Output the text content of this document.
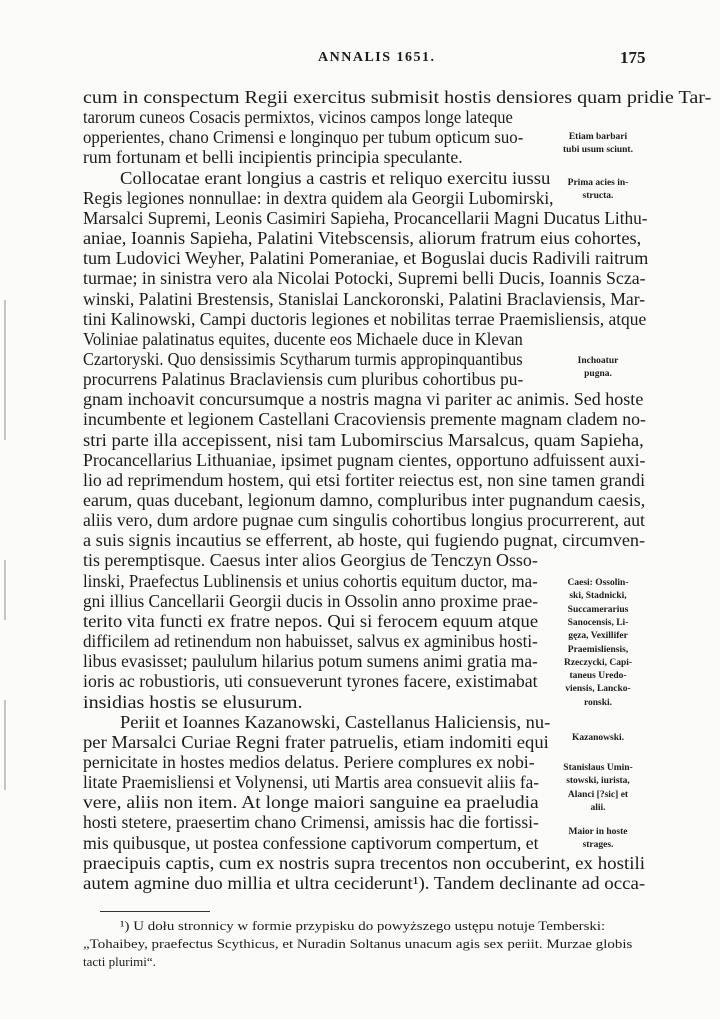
ANNALIS 1651.	175
cum in conspectum Regii exercitus submisit hostis densiores quam pridie Tar-
tarorum cuneos Cosacis permixtos, vicinos campos longe lateque
opperientes, chano Crimensi e longinquo per tubum opticum suo-
rum fortunam et belli incipientis principia speculante.
Collocatae erant longius a castris et reliquo exercitu iussu
Regis legiones nonnullae: in dextra quidem ala Georgii Lubomirski,
Marsalci Supremi, Leonis Casimiri Sapieha, Procancellarii Magni Ducatus Lithu-
aniae, Ioannis Sapieha, Palatini Vitebscensis, aliorum fratrum eius cohortes,
tum Ludovici Weyher, Palatini Pomeraniae, et Boguslai ducis Radivili raitrum
turmae; in sinistra vero ala Nicolai Potocki, Supremi belli Ducis, Ioannis Scza-
winski, Palatini Brestensis, Stanislai Lanckoronski, Palatini Braclaviensis, Mar-
tini Kalinowski, Campi ductoris legiones et nobilitas terrae Praemisliensis, atque
Voliniae palatinatus equites, ducente eos Michaele duce in Klevan
Czartoryski. Quo densissimis Scytharum turmis appropinquantibus
procurrens Palatinus Braclaviensis cum pluribus cohortibus pu-
gnam inchoavit concursumque a nostris magna vi pariter ac animis. Sed hoste
incumbente et legionem Castellani Cracoviensis premente magnam cladem no-
stri parte illa accepissent, nisi tam Lubomirscius Marsalcus, quam Sapieha,
Procancellarius Lithuaniae, ipsimet pugnam cientes, opportuno adfuissent auxi-
lio ad reprimendum hostem, qui etsi fortiter reiectus est, non sine tamen grandi
earum, quas ducebant, legionum damno, compluribus inter pugnandum caesis,
aliis vero, dum ardore pugnae cum singulis cohortibus longius procurrerent, aut
a suis signis incautius se efferrent, ab hoste, qui fugiendo pugnat, circumven-
tis peremptisque. Caesus inter alios Georgius de Tenczyn Osso-
linski, Praefectus Lublinensis et unius cohortis equitum ductor, ma-
gni illius Cancellarii Georgii ducis in Ossolin anno proxime prae-
terito vita functi ex fratre nepos. Qui si ferocem equum atque
difficilem ad retinendum non habuisset, salvus ex agminibus hosti-
libus evasisset; paululum hilarius potum sumens animi gratia ma-
ioris ac robustioris, uti consueverunt tyrones facere, existimabat
insidias hostis se elusurum.
Periit et Ioannes Kazanowski, Castellanus Haliciensis, nu-
per Marsalci Curiae Regni frater patruelis, etiam indomiti equi
pernicitate in hostes medios delatus. Periere complures ex nobi-
litate Praemisliensi et Volynensi, uti Martis area consuevit aliis fa-
vere, aliis non item. At longe maiori sanguine ea praeludia
hosti stetere, praesertim chano Crimensi, amissis hac die fortissi-
mis quibusque, ut postea confessione captivorum compertum, et
praecipuis captis, cum ex nostris supra trecentos non occuberint, ex hostili
autem agmine duo millia et ultra ceciderunt¹). Tandem declinante ad occa-
Etiam barbari
tubi usum sciunt.
Prima acies in-
structa.
Inchoatur
pugna.
Caesi: Ossolin-
ski, Stadnicki,
Succamerarius
Sanocensis, Li-
gęza, Vexillifer
Praemisliensis,
Rzeczycki, Capi-
taneus Uredo-
viensis, Lancko-
ronski.
Kazanowski.
Stanislaus Umin-
stowski, iurista,
Alanci [?sic] et
alii.
Maior in hoste
strages.
¹) U dołu stronnicy w formie przypisku do powyższego ustępu notuje Temberski:
„Tohaibey, praefectus Scythicus, et Nuradin Soltanus unacum agis sex periit. Murzae globis
tacti plurimi“.
